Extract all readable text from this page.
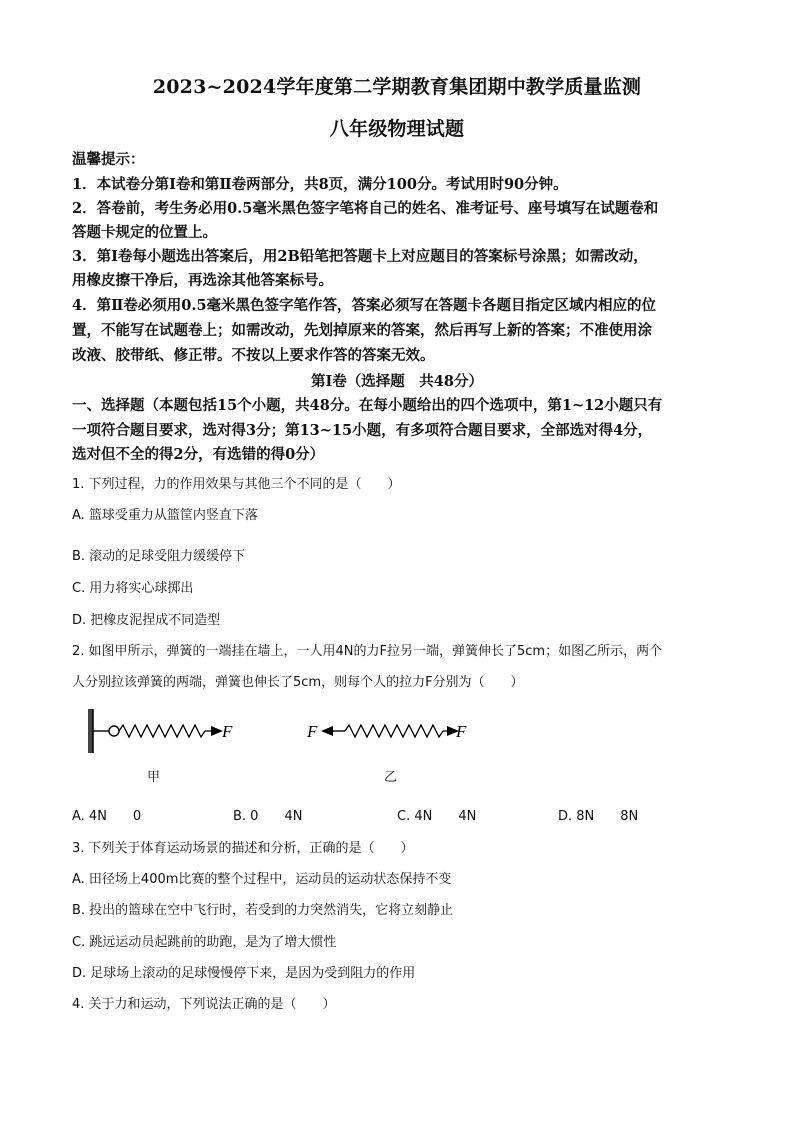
2023~2024学年度第二学期教育集团期中教学质量监测
八年级物理试题
温馨提示：
1．本试卷分第Ⅰ卷和第Ⅱ卷两部分，共8页，满分100分。考试用时90分钟。
2．答卷前，考生务必用0.5毫米黑色签字笔将自己的姓名、准考证号、座号填写在试题卷和
答题卡规定的位置上。
3．第Ⅰ卷每小题选出答案后，用2B铅笔把答题卡上对应题目的答案标号涂黑；如需改动，
用橡皮擦干净后，再选涂其他答案标号。
4．第Ⅱ卷必须用0.5毫米黑色签字笔作答，答案必须写在答题卡各题目指定区域内相应的位
置，不能写在试题卷上；如需改动，先划掉原来的答案，然后再写上新的答案；不准使用涂
改液、胶带纸、修正带。不按以上要求作答的答案无效。
第Ⅰ卷（选择题　共48分）
一、选择题（本题包括15个小题，共48分。在每小题给出的四个选项中，第1~12小题只有
一项符合题目要求，选对得3分；第13~15小题，有多项符合题目要求，全部选对得4分，
选对但不全的得2分，有选错的得0分）
1. 下列过程，力的作用效果与其他三个不同的是（　　）
A. 篮球受重力从篮筐内竖直下落
B. 滚动的足球受阻力缓缓停下
C. 用力将实心球掷出
D. 把橡皮泥捏成不同造型
2. 如图甲所示，弹簧的一端挂在墙上，一人用4N的力F拉另一端，弹簧伸长了5cm；如图乙所示，两个
人分别拉该弹簧的两端，弹簧也伸长了5cm，则每个人的拉力F分别为（　　）
F
甲
F	F
乙
A. 4N　　0	B. 0　　4N	C. 4N　　4N	D. 8N　　8N
3. 下列关于体育运动场景的描述和分析，正确的是（　　）
A. 田径场上400m比赛的整个过程中，运动员的运动状态保持不变
B. 投出的篮球在空中飞行时，若受到的力突然消失，它将立刻静止
C. 跳远运动员起跳前的助跑，是为了增大惯性
D. 足球场上滚动的足球慢慢停下来，是因为受到阻力的作用
4. 关于力和运动，下列说法正确的是（　　）
